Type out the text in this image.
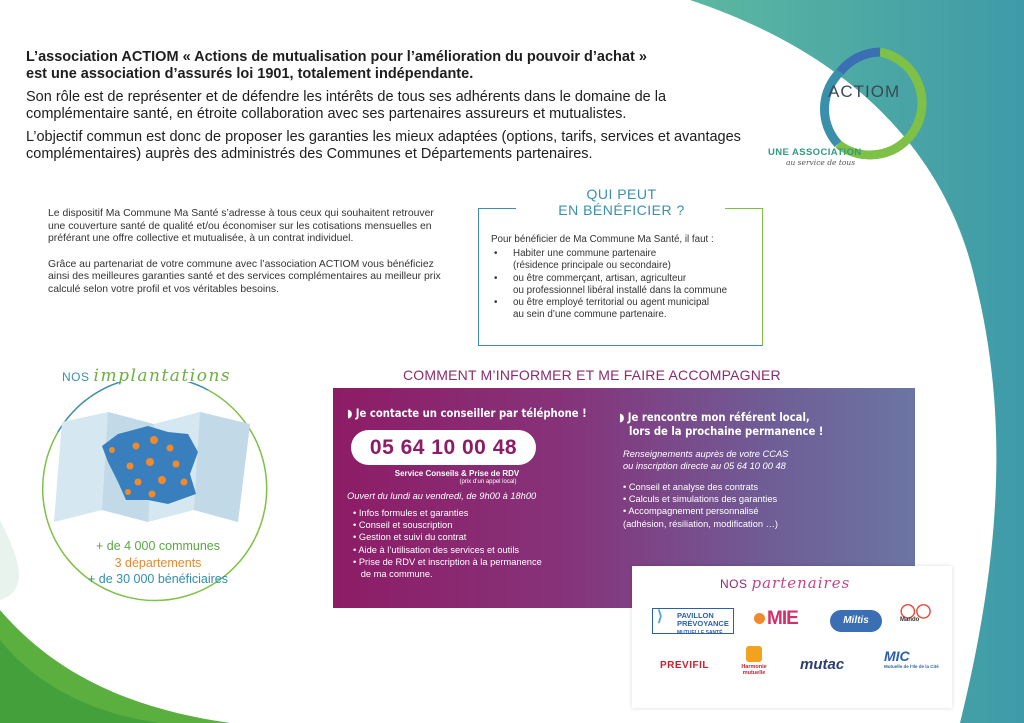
L’association ACTIOM « Actions de mutualisation pour l’amélioration du pouvoir d’achat »
est une association d’assurés loi 1901, totalement indépendante.

Son rôle est de représenter et de défendre les intérêts de tous ses adhérents dans le domaine de la complémentaire santé, en étroite collaboration avec ses partenaires assureurs et mutualistes.

L’objectif commun est donc de proposer les garanties les mieux adaptées (options, tarifs, services et avantages complémentaires) auprès des administrés des Communes et Départements partenaires.

ACTIOM
UNE ASSOCIATION
au service de tous

Le dispositif Ma Commune Ma Santé s’adresse à tous ceux qui souhaitent retrouver une couverture santé de qualité et/ou économiser sur les cotisations mensuelles en préférant une offre collective et mutualisée, à un contrat individuel.

Grâce au partenariat de votre commune avec l’association ACTIOM vous bénéficiez ainsi des meilleures garanties santé et des services complémentaires au meilleur prix calculé selon votre profil et vos véritables besoins.

QUI PEUT
EN BÉNÉFICIER ?
Pour bénéficier de Ma Commune Ma Santé, il faut :
• Habiter une commune partenaire
(résidence principale ou secondaire)
• ou être commerçant, artisan, agriculteur
ou professionnel libéral installé dans la commune
• ou être employé territorial ou agent municipal
au sein d’une commune partenaire.
NOS implantations
+ de 4 000 communes
3 départements
+ de 30 000 bénéficiaires
COMMENT M’INFORMER ET ME FAIRE ACCOMPAGNER
◗ Je contacte un conseiller par téléphone !
05 64 10 00 48
Service Conseils & Prise de RDV
(prix d’un appel local)
Ouvert du lundi au vendredi, de 9h00 à 18h00
• Infos formules et garanties
• Conseil et souscription
• Gestion et suivi du contrat
• Aide à l’utilisation des services et outils
• Prise de RDV et inscription à la permanence
de ma commune.
◗ Je rencontre mon référent local,
lors de la prochaine permanence !
Renseignements auprès de votre CCAS
ou inscription directe au 05 64 10 00 48
• Conseil et analyse des contrats
• Calculs et simulations des garanties
• Accompagnement personnalisé
(adhésion, résiliation, modification …)
NOS partenaires
⟩ PAVILLON
PRÉVOYANCE
MUTUELLE SANTÉ
MIE	Miltis
◯◯
Mando
PREVIFIL	Harmonie
mutuelle	mutac	MIC
Mutuelle de l’Ile de la Cité
